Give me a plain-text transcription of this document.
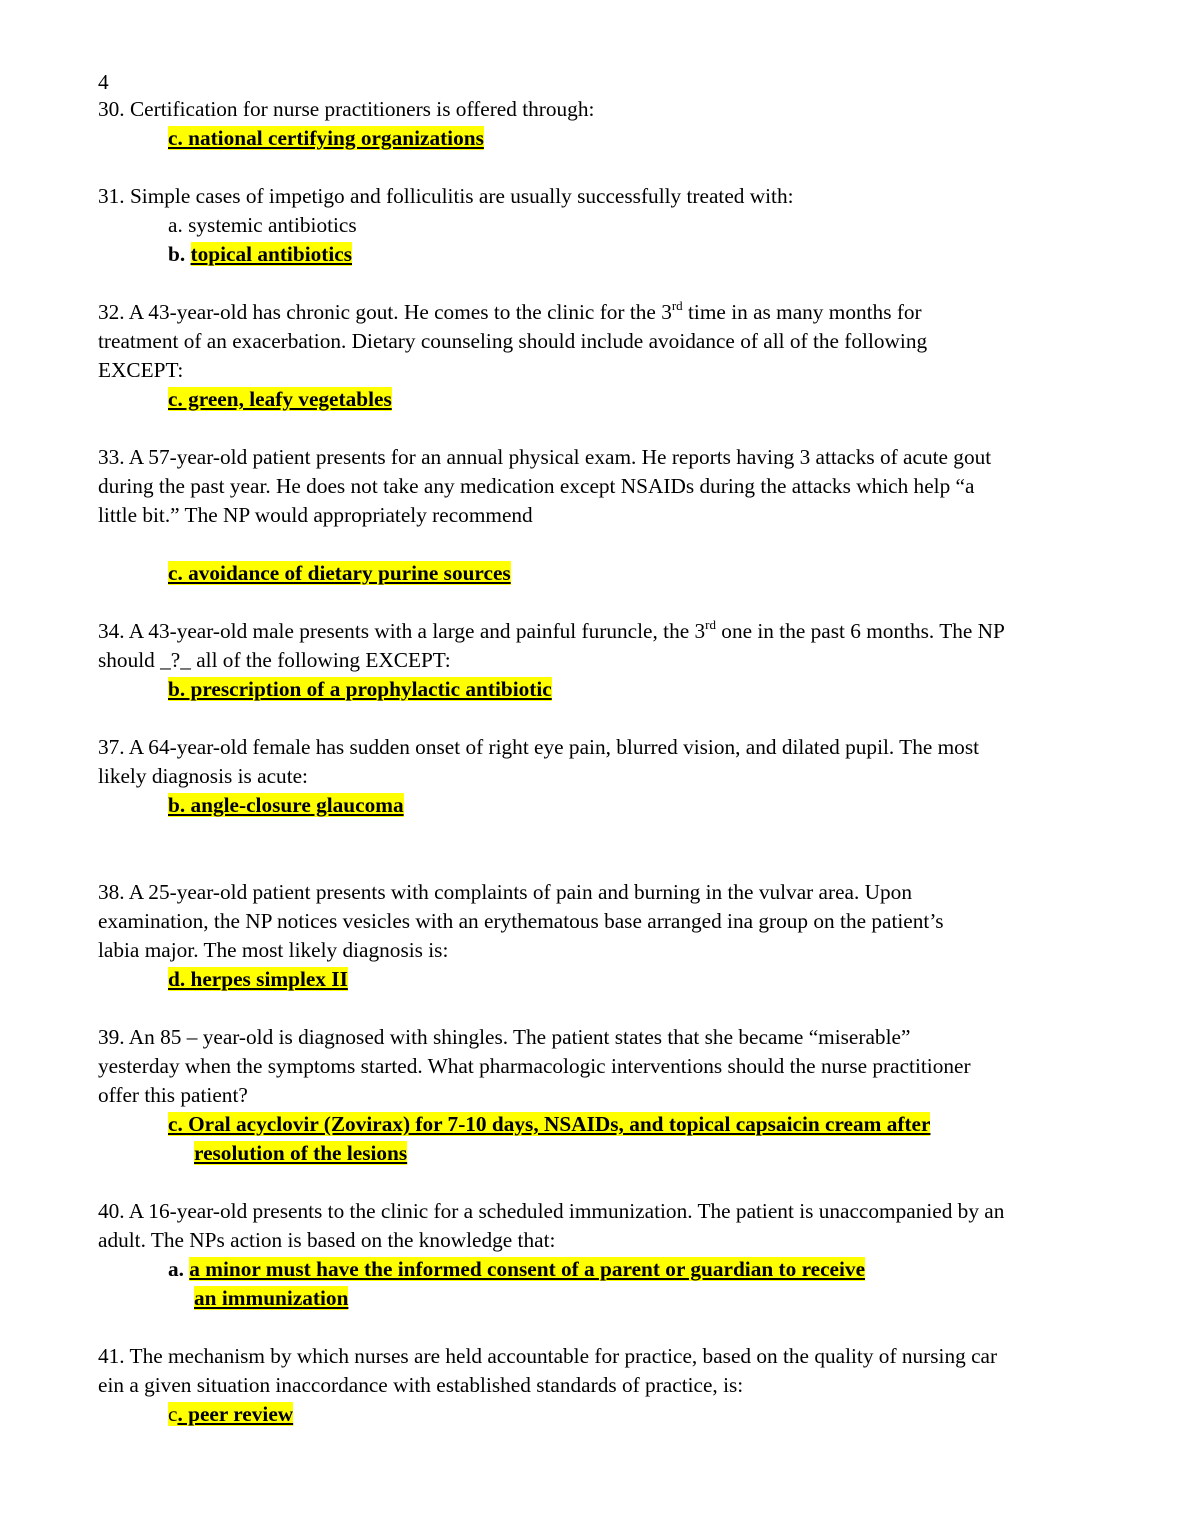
4
30. Certification for nurse practitioners is offered through:
c. national certifying organizations
31. Simple cases of impetigo and folliculitis are usually successfully treated with:
a. systemic antibiotics
b. topical antibiotics
32. A 43-year-old has chronic gout. He comes to the clinic for the 3rd time in as many months for
treatment of an exacerbation. Dietary counseling should include avoidance of all of the following
EXCEPT:
c. green, leafy vegetables
33. A 57-year-old patient presents for an annual physical exam. He reports having 3 attacks of acute gout
during the past year. He does not take any medication except NSAIDs during the attacks which help “a
little bit.” The NP would appropriately recommend
c. avoidance of dietary purine sources
34. A 43-year-old male presents with a large and painful furuncle, the 3rd one in the past 6 months. The NP
should _?_ all of the following EXCEPT:
b. prescription of a prophylactic antibiotic
37. A 64-year-old female has sudden onset of right eye pain, blurred vision, and dilated pupil. The most
likely diagnosis is acute:
b. angle-closure glaucoma
38. A 25-year-old patient presents with complaints of pain and burning in the vulvar area. Upon
examination, the NP notices vesicles with an erythematous base arranged ina group on the patient’s
labia major. The most likely diagnosis is:
d. herpes simplex II
39. An 85 – year-old is diagnosed with shingles. The patient states that she became “miserable”
yesterday when the symptoms started. What pharmacologic interventions should the nurse practitioner
offer this patient?
c. Oral acyclovir (Zovirax) for 7-10 days, NSAIDs, and topical capsaicin cream after
resolution of the lesions
40. A 16-year-old presents to the clinic for a scheduled immunization. The patient is unaccompanied by an
adult. The NPs action is based on the knowledge that:
a. a minor must have the informed consent of a parent or guardian to receive
an immunization
41. The mechanism by which nurses are held accountable for practice, based on the quality of nursing car
ein a given situation inaccordance with established standards of practice, is:
c. peer review
